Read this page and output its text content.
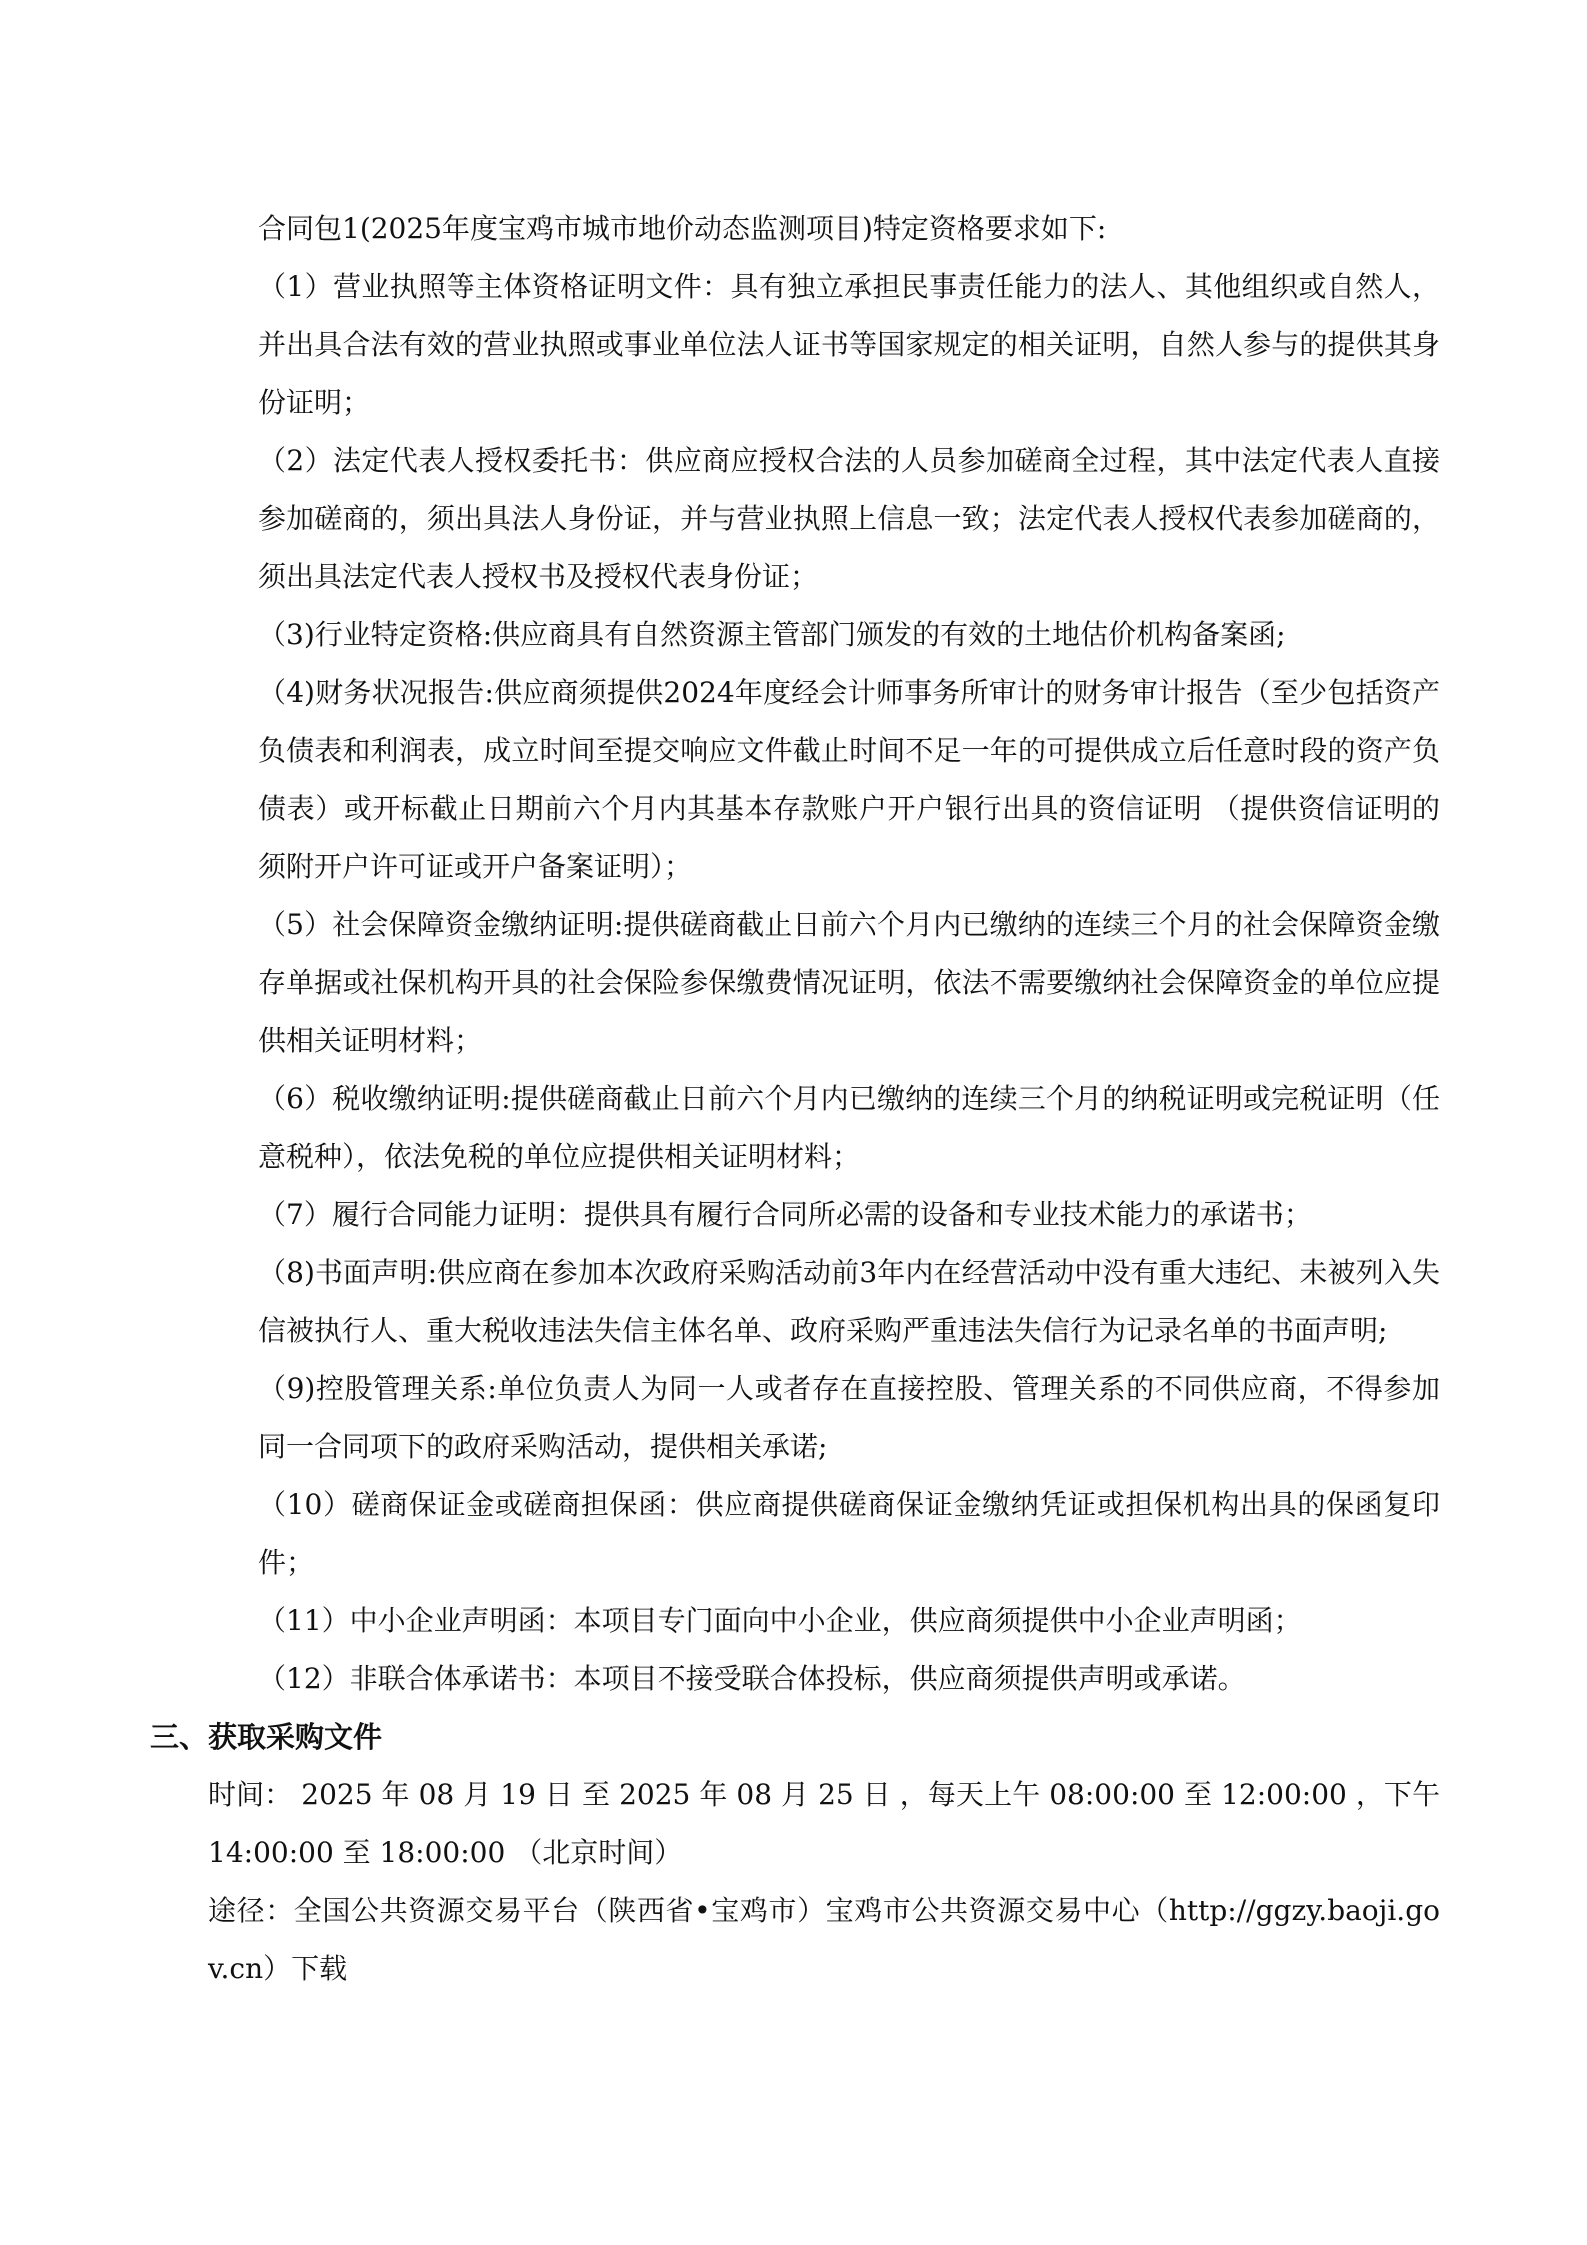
合同包1(2025年度宝鸡市城市地价动态监测项目)特定资格要求如下:

（1）营业执照等主体资格证明文件：具有独立承担民事责任能力的法人、其他组织或自然人，并出具合法有效的营业执照或事业单位法人证书等国家规定的相关证明，自然人参与的提供其身份证明；

（2）法定代表人授权委托书：供应商应授权合法的人员参加磋商全过程，其中法定代表人直接参加磋商的，须出具法人身份证，并与营业执照上信息一致；法定代表人授权代表参加磋商的，须出具法定代表人授权书及授权代表身份证；

（3)行业特定资格:供应商具有自然资源主管部门颁发的有效的土地估价机构备案函;

（4)财务状况报告:供应商须提供2024年度经会计师事务所审计的财务审计报告（至少包括资产负债表和利润表，成立时间至提交响应文件截止时间不足一年的可提供成立后任意时段的资产负债表）或开标截止日期前六个月内其基本存款账户开户银行出具的资信证明 （提供资信证明的须附开户许可证或开户备案证明）；

（5）社会保障资金缴纳证明:提供磋商截止日前六个月内已缴纳的连续三个月的社会保障资金缴存单据或社保机构开具的社会保险参保缴费情况证明，依法不需要缴纳社会保障资金的单位应提供相关证明材料；

（6）税收缴纳证明:提供磋商截止日前六个月内已缴纳的连续三个月的纳税证明或完税证明（任意税种），依法免税的单位应提供相关证明材料；

（7）履行合同能力证明：提供具有履行合同所必需的设备和专业技术能力的承诺书；

（8)书面声明:供应商在参加本次政府采购活动前3年内在经营活动中没有重大违纪、未被列入失信被执行人、重大税收违法失信主体名单、政府采购严重违法失信行为记录名单的书面声明;

（9)控股管理关系:单位负责人为同一人或者存在直接控股、管理关系的不同供应商，不得参加同一合同项下的政府采购活动，提供相关承诺;

（10）磋商保证金或磋商担保函：供应商提供磋商保证金缴纳凭证或担保机构出具的保函复印件；

（11）中小企业声明函：本项目专门面向中小企业，供应商须提供中小企业声明函；

（12）非联合体承诺书：本项目不接受联合体投标，供应商须提供声明或承诺。

三、获取采购文件

时间： 2025 年 08 月 19 日 至 2025 年 08 月 25 日 ，每天上午 08:00:00 至 12:00:00 ，下午 14:00:00 至 18:00:00 （北京时间）

途径：全国公共资源交易平台（陕西省•宝鸡市）宝鸡市公共资源交易中心（http://ggzy.baoji.gov.cn）下载
